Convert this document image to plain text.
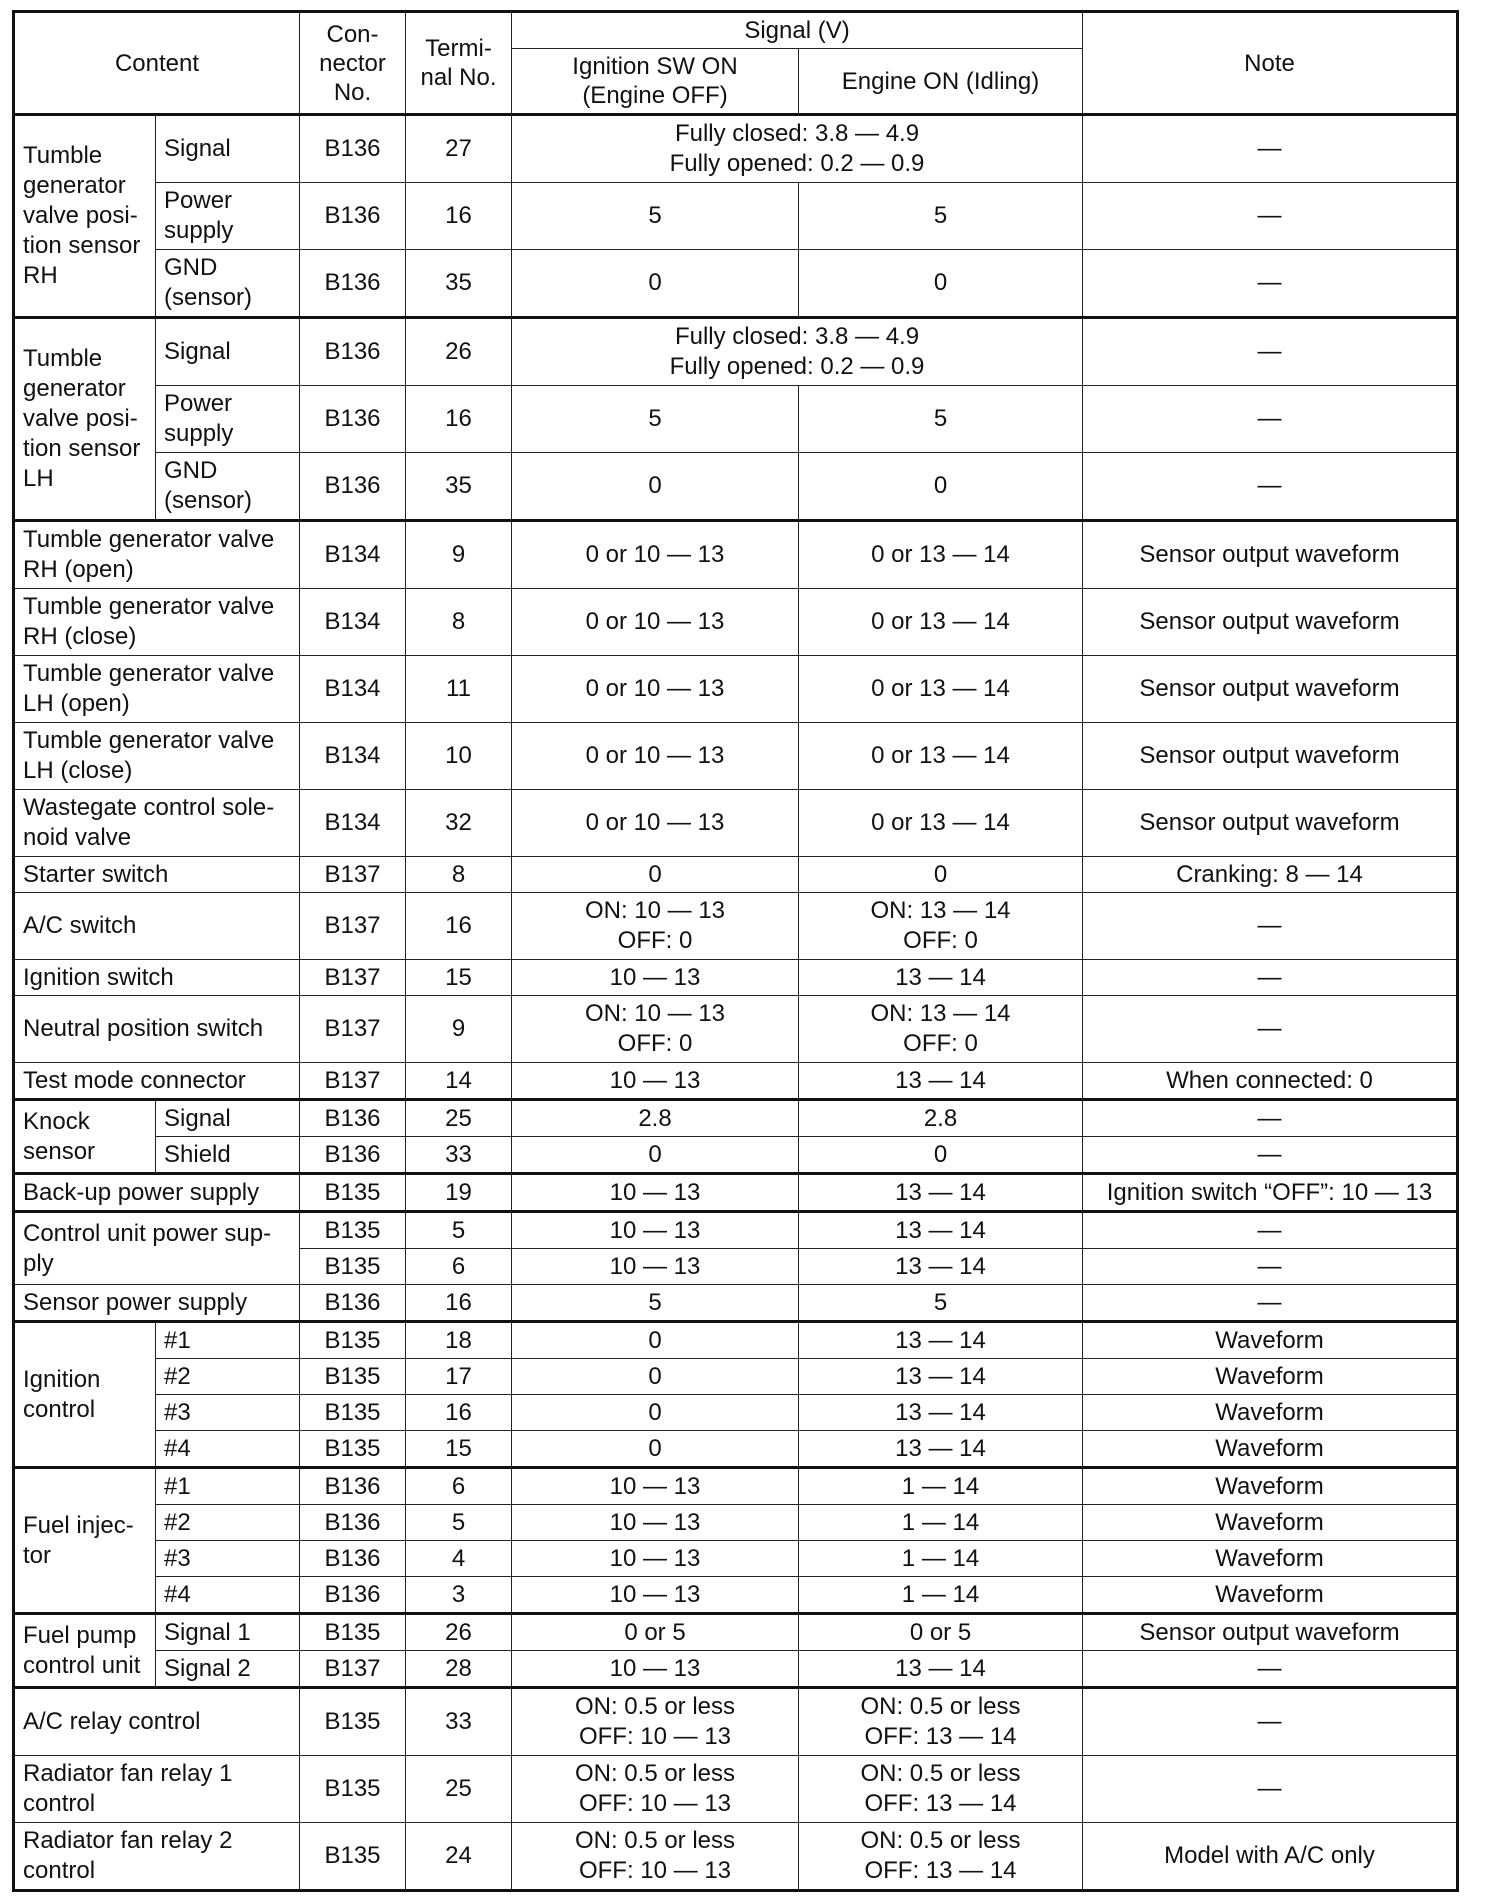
Content		Con-
nector
No.	Termi-
nal No.	Signal (V)		Note
				Ignition SW ON
(Engine OFF)	Engine ON (Idling)	
Tumble
generator
valve posi-
tion sensor
RH	Signal	B136	27	Fully closed: 3.8 — 4.9
Fully opened: 0.2 — 0.9		—
	Power
supply	B136	16	5	5	—
	GND
(sensor)	B136	35	0	0	—
Tumble
generator
valve posi-
tion sensor
LH	Signal	B136	26	Fully closed: 3.8 — 4.9
Fully opened: 0.2 — 0.9		—
	Power
supply	B136	16	5	5	—
	GND
(sensor)	B136	35	0	0	—
Tumble generator valve
RH (open)		B134	9	0 or 10 — 13	0 or 13 — 14	Sensor output waveform
Tumble generator valve
RH (close)		B134	8	0 or 10 — 13	0 or 13 — 14	Sensor output waveform
Tumble generator valve
LH (open)		B134	11	0 or 10 — 13	0 or 13 — 14	Sensor output waveform
Tumble generator valve
LH (close)		B134	10	0 or 10 — 13	0 or 13 — 14	Sensor output waveform
Wastegate control sole-
noid valve		B134	32	0 or 10 — 13	0 or 13 — 14	Sensor output waveform
Starter switch		B137	8	0	0	Cranking: 8 — 14
A/C switch		B137	16	ON: 10 — 13
OFF: 0	ON: 13 — 14
OFF: 0	—
Ignition switch		B137	15	10 — 13	13 — 14	—
Neutral position switch		B137	9	ON: 10 — 13
OFF: 0	ON: 13 — 14
OFF: 0	—
Test mode connector		B137	14	10 — 13	13 — 14	When connected: 0
Knock
sensor	Signal	B136	25	2.8	2.8	—
	Shield	B136	33	0	0	—
Back-up power supply		B135	19	10 — 13	13 — 14	Ignition switch “OFF”: 10 — 13
Control unit power sup-
ply		B135	5	10 — 13	13 — 14	—
		B135	6	10 — 13	13 — 14	—
Sensor power supply		B136	16	5	5	—
Ignition
control	#1	B135	18	0	13 — 14	Waveform
	#2	B135	17	0	13 — 14	Waveform
	#3	B135	16	0	13 — 14	Waveform
	#4	B135	15	0	13 — 14	Waveform
Fuel injec-
tor	#1	B136	6	10 — 13	1 — 14	Waveform
	#2	B136	5	10 — 13	1 — 14	Waveform
	#3	B136	4	10 — 13	1 — 14	Waveform
	#4	B136	3	10 — 13	1 — 14	Waveform
Fuel pump
control unit	Signal 1	B135	26	0 or 5	0 or 5	Sensor output waveform
	Signal 2	B137	28	10 — 13	13 — 14	—
A/C relay control		B135	33	ON: 0.5 or less
OFF: 10 — 13	ON: 0.5 or less
OFF: 13 — 14	—
Radiator fan relay 1
control		B135	25	ON: 0.5 or less
OFF: 10 — 13	ON: 0.5 or less
OFF: 13 — 14	—
Radiator fan relay 2
control		B135	24	ON: 0.5 or less
OFF: 10 — 13	ON: 0.5 or less
OFF: 13 — 14	Model with A/C only
